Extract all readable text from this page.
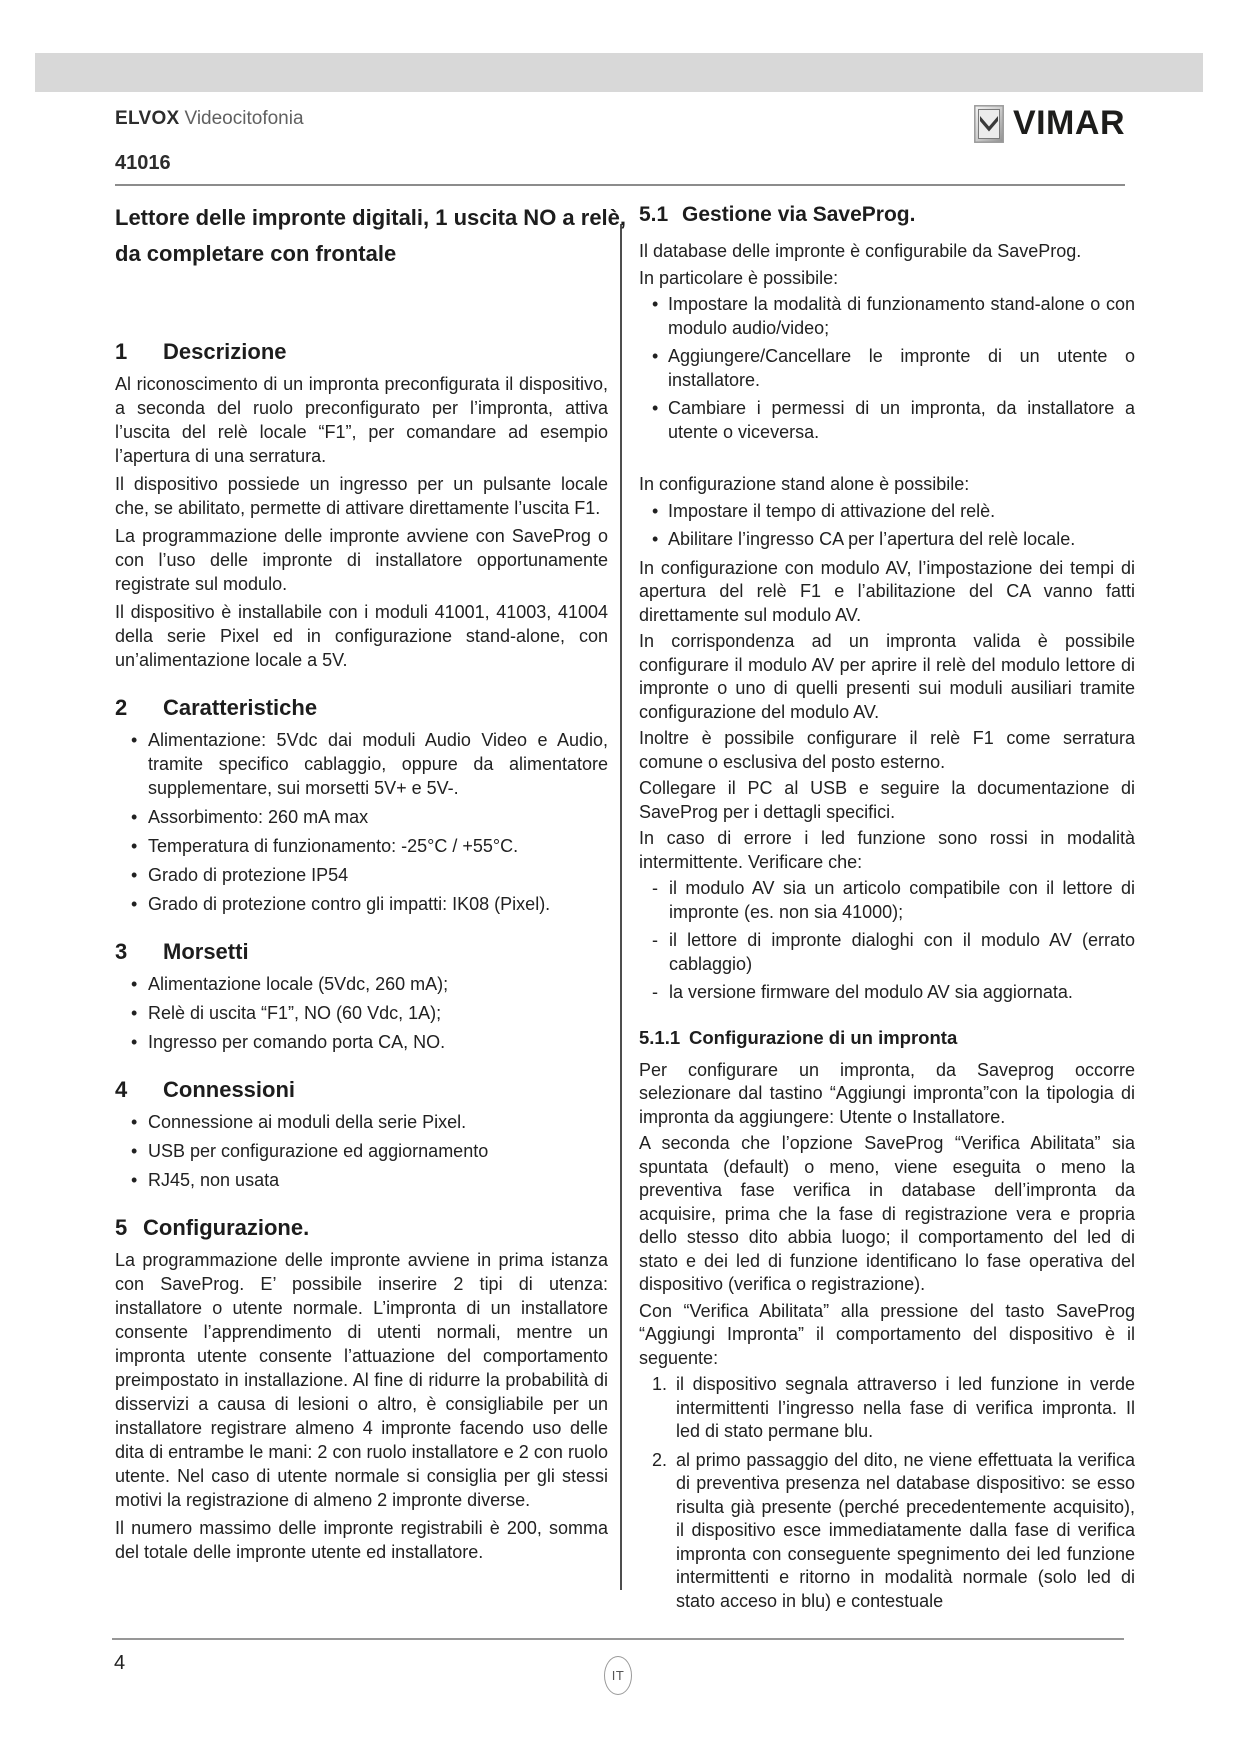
ELVOX Videocitofonia	VIMAR
41016
Lettore delle impronte digitali, 1 uscita NO a relè, da completare con frontale
1 Descrizione

Al riconoscimento di un impronta preconfigurata il dispositivo, a seconda del ruolo preconfigurato per l’impronta, attiva l’uscita del relè locale “F1”, per comandare ad esempio l’apertura di una serratura.

Il dispositivo possiede un ingresso per un pulsante locale che, se abilitato, permette di attivare direttamente l’uscita F1.

La programmazione delle impronte avviene con SaveProg o con l’uso delle impronte di installatore opportunamente registrate sul modulo.

Il dispositivo è installabile con i moduli 41001, 41003, 41004 della serie Pixel ed in configurazione stand-alone, con un’alimentazione locale a 5V.

2 Caratteristiche
• Alimentazione: 5Vdc dai moduli Audio Video e Audio, tramite specifico cablaggio, oppure da alimentatore supplementare, sui morsetti 5V+ e 5V-.
• Assorbimento: 260 mA max
• Temperatura di funzionamento: -25°C / +55°C.
• Grado di protezione IP54
• Grado di protezione contro gli impatti: IK08 (Pixel).
3 Morsetti
• Alimentazione locale (5Vdc, 260 mA);
• Relè di uscita “F1”, NO (60 Vdc, 1A);
• Ingresso per comando porta CA, NO.
4 Connessioni
• Connessione ai moduli della serie Pixel.
• USB per configurazione ed aggiornamento
• RJ45, non usata
5 Configurazione.

La programmazione delle impronte avviene in prima istanza con SaveProg. E’ possibile inserire 2 tipi di utenza: installatore o utente normale. L’impronta di un installatore consente l’apprendimento di utenti normali, mentre un impronta utente consente l’attuazione del comportamento preimpostato in installazione. Al fine di ridurre la probabilità di disservizi a causa di lesioni o altro, è consigliabile per un installatore registrare almeno 4 impronte facendo uso delle dita di entrambe le mani: 2 con ruolo installatore e 2 con ruolo utente. Nel caso di utente normale si consiglia per gli stessi motivi la registrazione di almeno 2 impronte diverse.

Il numero massimo delle impronte registrabili è 200, somma del totale delle impronte utente ed installatore.

5.1 Gestione via SaveProg.

Il database delle impronte è configurabile da SaveProg.

In particolare è possibile:

• Impostare la modalità di funzionamento stand-alone o con modulo audio/video;
• Aggiungere/Cancellare le impronte di un utente o installatore.
• Cambiare i permessi di un impronta, da installatore a utente o viceversa.

In configurazione stand alone è possibile:

• Impostare il tempo di attivazione del relè.
• Abilitare l’ingresso CA per l’apertura del relè locale.

In configurazione con modulo AV, l’impostazione dei tempi di apertura del relè F1 e l’abilitazione del CA vanno fatti direttamente sul modulo AV.

In corrispondenza ad un impronta valida è possibile configurare il modulo AV per aprire il relè del modulo lettore di impronte o uno di quelli presenti sui moduli ausiliari tramite configurazione del modulo AV.

Inoltre è possibile configurare il relè F1 come serratura comune o esclusiva del posto esterno.

Collegare il PC al USB e seguire la documentazione di SaveProg per i dettagli specifici.

In caso di errore i led funzione sono rossi in modalità intermittente. Verificare che:

- il modulo AV sia un articolo compatibile con il lettore di impronte (es. non sia 41000);
- il lettore di impronte dialoghi con il modulo AV (errato cablaggio)
- la versione firmware del modulo AV sia aggiornata.
5.1.1 Configurazione di un impronta

Per configurare un impronta, da Saveprog occorre selezionare dal tastino “Aggiungi impronta”con la tipologia di impronta da aggiungere: Utente o Installatore.

A seconda che l’opzione SaveProg “Verifica Abilitata” sia spuntata (default) o meno, viene eseguita o meno la preventiva fase verifica in database dell’impronta da acquisire, prima che la fase di registrazione vera e propria dello stesso dito abbia luogo; il comportamento del led di stato e dei led di funzione identificano lo fase operativa del dispositivo (verifica o registrazione).

Con “Verifica Abilitata” alla pressione del tasto SaveProg “Aggiungi Impronta” il comportamento del dispositivo è il seguente:

1. il dispositivo segnala attraverso i led funzione in verde intermittenti l’ingresso nella fase di verifica impronta. Il led di stato permane blu.
2. al primo passaggio del dito, ne viene effettuata la verifica di preventiva presenza nel database dispositivo: se esso risulta già presente (perché precedentemente acquisito), il dispositivo esce immediatamente dalla fase di verifica impronta con conseguente spegnimento dei led funzione intermittenti e ritorno in modalità normale (solo led di stato acceso in blu) e contestuale
4
IT
